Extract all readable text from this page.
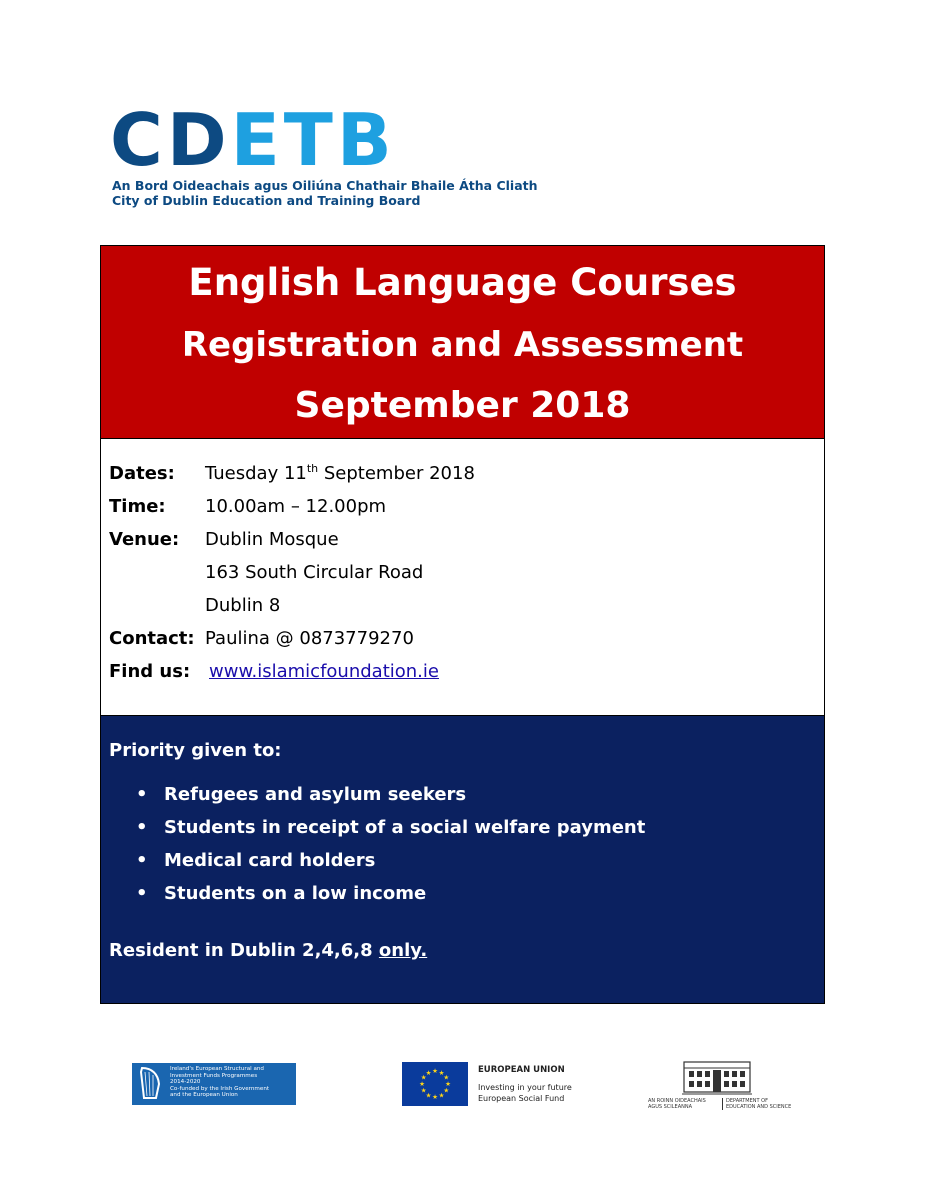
CDETB
An Bord Oideachais agus Oiliúna Chathair Bhaile Átha Cliath
City of Dublin Education and Training Board
English Language Courses
Registration and Assessment
September 2018
Dates: Tuesday 11th September 2018
Time: 10.00am – 12.00pm
Venue: Dublin Mosque
163 South Circular Road
Dublin 8
Contact: Paulina @ 0873779270
Find us: www.islamicfoundation.ie
Priority given to:
• Refugees and asylum seekers
• Students in receipt of a social welfare payment
• Medical card holders
• Students on a low income
Resident in Dublin 2,4,6,8 only.
Ireland's European Structural and
Investment Funds Programmes
2014-2020
Co-funded by the Irish Government
and the European Union
★ ★
★
★
★
★
★
★
★
★
★
★	EUROPEAN UNION
Investing in your future
European Social Fund	AN ROINN OIDEACHAIS AGUS SCILEANNA
DEPARTMENT OF EDUCATION AND SCIENCE
